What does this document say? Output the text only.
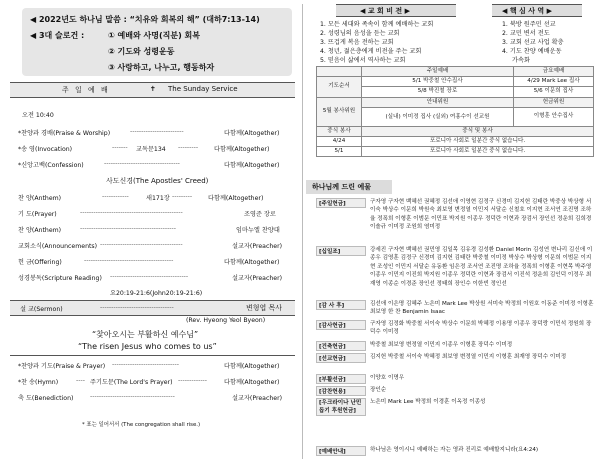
◀ 2022년도 하나님 말씀 : “치유와 회복의 해” (대하7:13-14)
◀ 3대 슬로건 :	① 예배와 사명(직분) 회복
② 기도와 성령운동
③ 사랑하고, 나누고, 행동하자
주 일 예 배	✝ The Sunday Service
오전 10:40
*찬양과 경배(Praise & Worship)	------------------------	다함께(Altogether)
*송 영(Invocation)	------- 교독문134 ---------	다함께(Altogether)
*신앙고백(Confession)	----------------------------------	다함께(Altogether)
사도신경(The Apostles' Creed)
찬 양(Anthem)	------------	새171장 ---------	다함께(Altogether)
기 도(Prayer)	----------------------------------------------	조영준 장로
찬 양(Anthem)	-------------------------------------------	임마누엘 찬양대
교회소식(Announcements) -------------------------------------	설교자(Preacher)
헌 금(Offering)	----------------------------------------	다함께(Altogether)
성경봉독(Scripture Reading) -----------------------------------	설교자(Preacher)
요20:19-21:6(John20:19-21:6)
설 교(Sermon)	---------------------------------	변형엽 목사
(Rev. Hyeong Yeol Byeon)
“찾아오시는 부활하신 예수님”
“The risen Jesus who comes to us”
*찬양과 기도(Praise & Prayer) ------------------------------	다함께(Altogether)
*찬 송(Hymn)	---- 주기도문(The Lord's Prayer) -------------	다함께(Altogether)
축 도(Benediction)	--------------------------------------	설교자(Preacher)
* 표는 일어서서 (The congregation shall rise.)
◀ 교 회 비 전 ▶	◀ 핵 심 사 역 ▶
1. 모든 세대와 족속이 함께 예배하는 교회
2. 성령님의 음성을 듣는 교회
3. 뜨겁게 복음 전하는 교회
4. 청년, 젊은층에게 비전을 주는 교회
5. 믿음이 삶에서 역사하는 교회
1. 북방 원주민 선교
2. 교민 변서 전도
3. 교회 선교 사업 확충
4. 기도 찬양 예배운동
가속화
	주일예배	금요예배
기도순서	5/1 박중철 안수집사	4/29 Mark Lee 집사
	5/8 박진철 장로	5/6 이문희 집사
5월 봉사위원	안내위원	헌금위원
	(실내) 이미정 집사 (실외) 여홍수이 선교원	이형훈 안수집사
중식 봉사	중식 및 봉사	
4/24	포로니아 사회로 일분간 중식 없습니다.	
5/1	포로니아 사회로 일분간 중식 없습니다.	
하나님께 드린 예물
[주일헌금]	구자영 구자현 백혜선 권혜정 김선애 이영현 김정구 신경미 김지헌 김태란 박중상 박상형 서이숙 박상수 이문희 박원숙 최보영 변정열 이민지 서달순 신철호 이지현 조서연 조진명 조하율 정폭희 이형훈 이범문 이민표 박지원 이종우 정덕란 이현과 장검서 장인선 정운희 김희경 이솔규 이미정 조원희 염미정
[십일조]	강세진 구자현 백혜선 권민영 김일목 김유경 김성환 Daniel Morin 김성연 변나리 김신애 이종우 김영훈 김정구 신경미 김지헌 김태란 박중철 이미정 박상수 박상형 이문희 이범문 이지현 조성인 이민지 서달순 유동환 임은정 조서연 조진명 조하율 정폭희 이형훈 이현목 박주영 이종우 이민지 이진희 박지원 이종우 정덕란 이현과 장검서 이진석 정운희 김인덕 이정우 최재영 이종순 이경준 장인선 정태희 장인수 이한빈 정인선
[감 사 후]	김선애 이은명 김혜주 노은미 Mark Lee 박상원 서미숙 박정희 이원호 이동준 이미정 이형훈 최보영 한 찬 Benjamin Isaac
[감사헌금]	구자영 김정화 박중철 서이숙 박상수 이문희 박혜정 이용명 이종우 장덕랑 이민석 정원희 장덕수 이미정
[건축헌금]	박중철 최보영 변정열 이민지 이종우 이형훈 장덕수 이미정
[선교헌금]	김지헌 박중철 서이숙 박혜정 최보영 변정열 이민지 이형훈 최재영 장덕수 이미정
[부활선금]	이양호 이명우
[감찬헌용]	장인순
[우크라이나 난민돕기 후원헌금]
노은미 Mark Lee 박정희 이경훈 이옥정 이종성
[예배안내]	하나님은 영이시니 예배하는 자는 영과 진리로 예배할지니라(요4:24)
